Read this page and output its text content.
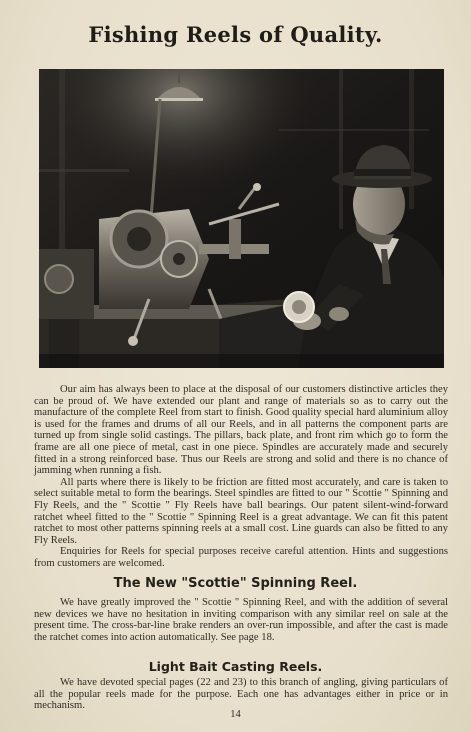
Fishing Reels of Quality.

Our aim has always been to place at the disposal of our customers distinctive articles they can be proud of. We have extended our plant and range of materials so as to carry out the manufacture of the complete Reel from start to finish. Good quality special hard aluminium alloy is used for the frames and drums of all our Reels, and in all patterns the component parts are turned up from single solid castings. The pillars, back plate, and front rim which go to form the frame are all one piece of metal, cast in one piece. Spindles are accurately made and securely fitted in a strong reinforced base. Thus our Reels are strong and solid and there is no chance of jamming when running a fish.

All parts where there is likely to be friction are fitted most accurately, and care is taken to select suitable metal to form the bearings. Steel spindles are fitted to our " Scottie " Spinning and Fly Reels, and the " Scottie " Fly Reels have ball bearings. Our patent silent-wind-forward ratchet wheel fitted to the " Scottie " Spinning Reel is a great advantage. We can fit this patent ratchet to most other patterns spinning reels at a small cost. Line guards can also be fitted to any Fly Reels.

Enquiries for Reels for special purposes receive careful attention. Hints and suggestions from customers are welcomed.

The New "Scottie" Spinning Reel.

We have greatly improved the " Scottie " Spinning Reel, and with the addition of several new devices we have no hesitation in inviting comparison with any similar reel on sale at the present time. The cross-bar-line brake renders an over-run impossible, and after the cast is made the ratchet comes into action automatically. See page 18.

Light Bait Casting Reels.

We have devoted special pages (22 and 23) to this branch of angling, giving particulars of all the popular reels made for the purpose. Each one has advantages either in price or in mechanism.

14
